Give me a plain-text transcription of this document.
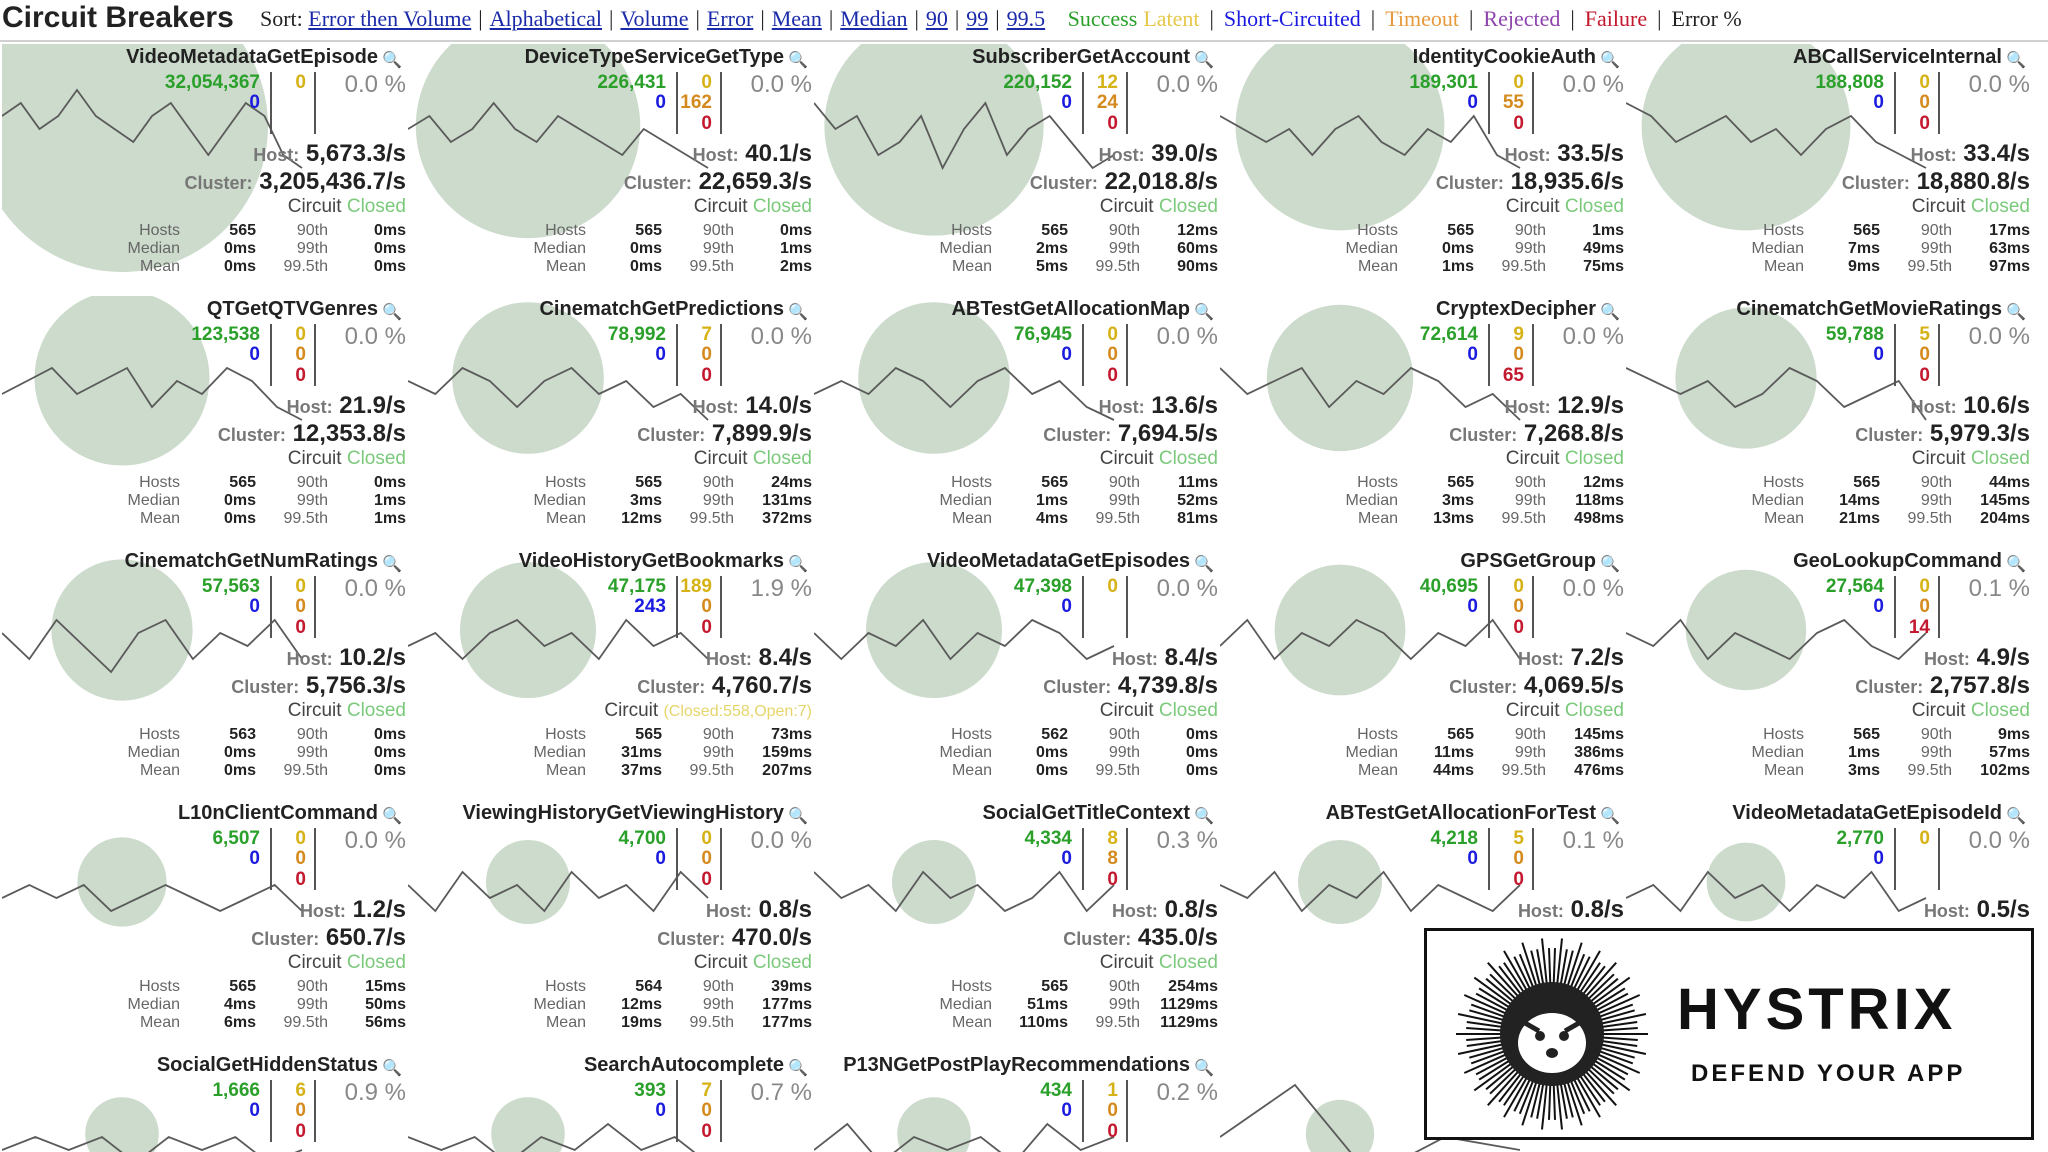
Circuit Breakers Sort: Error then Volume | Alphabetical | Volume | Error | Mean | Median | 90 | 99 | 99.5 Success Latent | Short-Circuited | Timeout | Rejected | Failure | Error %
VideoMetadataGetEpisode
🔍
32,054,367
0
0 0.0 %
Host: 5,673.3/s
Cluster: 3,205,436.7/s
Circuit Closed
Hosts	565	90th	0ms
Median	0ms	99th	0ms
Mean	0ms 99.5th	0ms
DeviceTypeServiceGetType
🔍
226,431
0
0
162
0
0.0 %
Host: 40.1/s
Cluster: 22,659.3/s
Circuit Closed
Hosts	565	90th	0ms
Median	0ms	99th	1ms
Mean	0ms 99.5th	2ms
SubscriberGetAccount
🔍
220,152
0
12
24
0
0.0 %
Host: 39.0/s
Cluster: 22,018.8/s
Circuit Closed
Hosts	565	90th 12ms
Median	2ms	99th 60ms
Mean	5ms 99.5th 90ms
IdentityCookieAuth
🔍
189,301
0
0
55
0
0.0 %
Host: 33.5/s
Cluster: 18,935.6/s
Circuit Closed
Hosts	565	90th	1ms
Median	0ms	99th 49ms
Mean	1ms 99.5th 75ms
ABCallServiceInternal
🔍
188,808
0
0
0
0
0.0 %
Host: 33.4/s
Cluster: 18,880.8/s
Circuit Closed
Hosts	565	90th 17ms
Median	7ms	99th 63ms
Mean	9ms 99.5th 97ms
QTGetQTVGenres
🔍
123,538
0
0
0
0
0.0 %
Host: 21.9/s
Cluster: 12,353.8/s
Circuit Closed
Hosts	565	90th	0ms
Median	0ms	99th	1ms
Mean	0ms 99.5th	1ms
CinematchGetPredictions
🔍
78,992
0
7
0
0
0.0 %
Host: 14.0/s
Cluster: 7,899.9/s
Circuit Closed
Hosts	565	90th 24ms
Median	3ms	99th 131ms
Mean 12ms 99.5th 372ms
ABTestGetAllocationMap
🔍
76,945
0
0
0
0
0.0 %
Host: 13.6/s
Cluster: 7,694.5/s
Circuit Closed
Hosts	565	90th 11ms
Median	1ms	99th 52ms
Mean	4ms 99.5th 81ms
CryptexDecipher
🔍
72,614
0
9
0
65
0.0 %
Host: 12.9/s
Cluster: 7,268.8/s
Circuit Closed
Hosts	565	90th 12ms
Median	3ms	99th 118ms
Mean 13ms 99.5th 498ms
CinematchGetMovieRatings
🔍
59,788
0
5
0
0
0.0 %
Host: 10.6/s
Cluster: 5,979.3/s
Circuit Closed
Hosts	565	90th 44ms
Median 14ms	99th 145ms
Mean 21ms 99.5th 204ms
CinematchGetNumRatings
🔍
57,563
0
0
0
0
0.0 %
Host: 10.2/s
Cluster: 5,756.3/s
Circuit Closed
Hosts	563	90th	0ms
Median	0ms	99th	0ms
Mean	0ms 99.5th	0ms
VideoHistoryGetBookmarks
🔍
47,175
243
189
0
0
1.9 %
Host: 8.4/s
Cluster: 4,760.7/s
Circuit (Closed:558,Open:7)
Hosts	565	90th 73ms
Median 31ms	99th 159ms
Mean 37ms 99.5th 207ms
VideoMetadataGetEpisodes
🔍
47,398
0
0 0.0 %
Host: 8.4/s
Cluster: 4,739.8/s
Circuit Closed
Hosts	562	90th	0ms
Median	0ms	99th	0ms
Mean	0ms 99.5th	0ms
GPSGetGroup
🔍
40,695
0
0
0
0
0.0 %
Host: 7.2/s
Cluster: 4,069.5/s
Circuit Closed
Hosts	565	90th 145ms
Median 11ms	99th 386ms
Mean 44ms 99.5th 476ms
GeoLookupCommand
🔍
27,564
0
0
0
14
0.1 %
Host: 4.9/s
Cluster: 2,757.8/s
Circuit Closed
Hosts	565	90th	9ms
Median	1ms	99th 57ms
Mean	3ms 99.5th 102ms
L10nClientCommand
🔍
6,507
0
0
0
0
0.0 %
Host: 1.2/s
Cluster: 650.7/s
Circuit Closed
Hosts	565	90th 15ms
Median	4ms	99th 50ms
Mean	6ms 99.5th 56ms
ViewingHistoryGetViewingHistory
🔍
4,700
0
0
0
0
0.0 %
Host: 0.8/s
Cluster: 470.0/s
Circuit Closed
Hosts	564	90th 39ms
Median 12ms	99th 177ms
Mean 19ms 99.5th 177ms
SocialGetTitleContext
🔍
4,334
0
8
8
0
0.3 %
Host: 0.8/s
Cluster: 435.0/s
Circuit Closed
Hosts	565	90th 254ms
Median 51ms	99th 1129ms
Mean 110ms 99.5th 1129ms
ABTestGetAllocationForTest
🔍
4,218
0
5
0
0
0.1 %
Host: 0.8/s
VideoMetadataGetEpisodeId
🔍
2,770
0
0 0.0 %
Host: 0.5/s
SocialGetHiddenStatus
🔍
1,666
0
6
0
0
0.9 %
SearchAutocomplete
🔍
393
0
7
0
0
0.7 %
P13NGetPostPlayRecommendations
🔍
434
0
1
0
0
0.2 %
🔍
HYSTRIX
DEFEND YOUR APP
